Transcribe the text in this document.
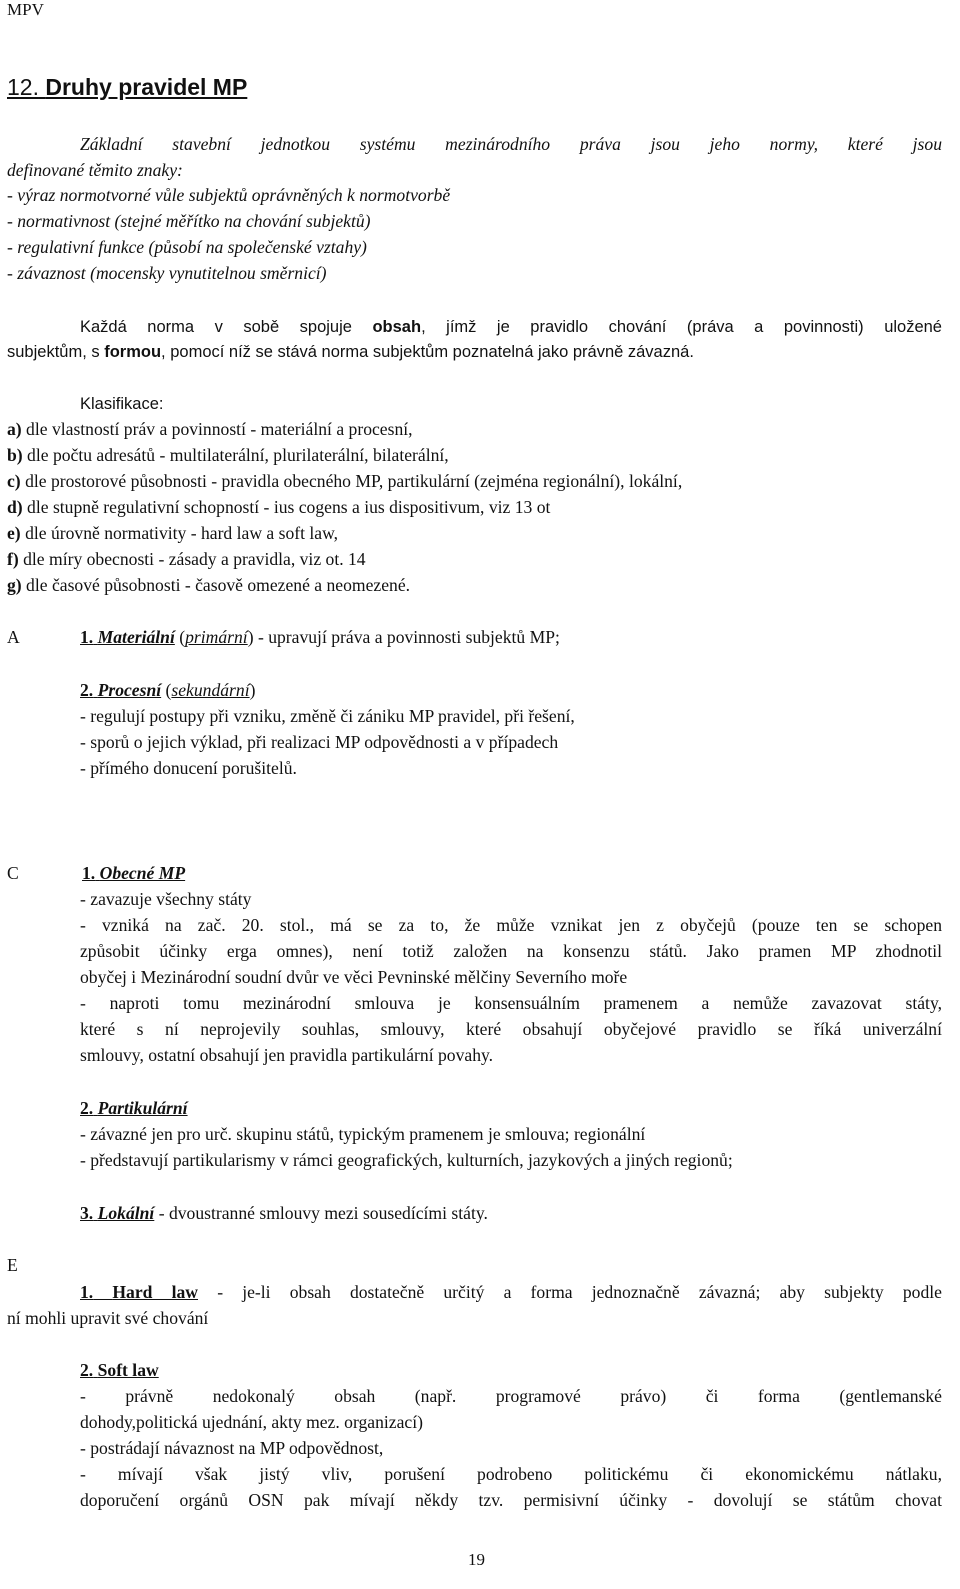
MPV
12. Druhy pravidel MP
Základní stavební jednotkou systému mezinárodního práva jsou jeho normy, které jsou
definované těmito znaky:
- výraz normotvorné vůle subjektů oprávněných k normotvorbě
- normativnost (stejné měřítko na chování subjektů)
- regulativní funkce (působí na společenské vztahy)
- závaznost (mocensky vynutitelnou směrnicí)
Každá norma v sobě spojuje obsah, jímž je pravidlo chování (práva a povinnosti) uložené
subjektům, s formou, pomocí níž se stává norma subjektům poznatelná jako právně závazná.
Klasifikace:
a) dle vlastností práv a povinností - materiální a procesní,
b) dle počtu adresátů - multilaterální, plurilaterální, bilaterální,
c) dle prostorové působnosti - pravidla obecného MP, partikulární (zejména regionální), lokální,
d) dle stupně regulativní schopností - ius cogens a ius dispositivum, viz 13 ot
e) dle úrovně normativity - hard law a soft law,
f) dle míry obecnosti - zásady a pravidla, viz ot. 14
g) dle časové působnosti - časově omezené a neomezené.
A	1. Materiální (primární) - upravují práva a povinnosti subjektů MP;
2. Procesní (sekundární)
- regulují postupy při vzniku, změně či zániku MP pravidel, při řešení,
- sporů o jejich výklad, při realizaci MP odpovědnosti a v případech
- přímého donucení porušitelů.
C	1. Obecné MP
- zavazuje všechny státy
- vzniká na zač. 20. stol., má se za to, že může vznikat jen z obyčejů (pouze ten se schopen
způsobit účinky erga omnes), není totiž založen na konsenzu států. Jako pramen MP zhodnotil
obyčej i Mezinárodní soudní dvůr ve věci Pevninské mělčiny Severního moře
- naproti tomu mezinárodní smlouva je konsensuálním pramenem a nemůže zavazovat státy,
které s ní neprojevily souhlas, smlouvy, které obsahují obyčejové pravidlo se říká univerzální
smlouvy, ostatní obsahují jen pravidla partikulární povahy.
2. Partikulární
- závazné jen pro urč. skupinu států, typickým pramenem je smlouva; regionální
- představují partikularismy v rámci geografických, kulturních, jazykových a jiných regionů;
3. Lokální - dvoustranné smlouvy mezi sousedícími státy.
E
1. Hard law - je-li obsah dostatečně určitý a forma jednoznačně závazná; aby subjekty podle
ní mohli upravit své chování
2. Soft law
- právně nedokonalý obsah (např. programové právo) či forma (gentlemanské
dohody,politická ujednání, akty mez. organizací)
- postrádají návaznost na MP odpovědnost,
- mívají však jistý vliv, porušení podrobeno politickému či ekonomickému nátlaku,
doporučení orgánů OSN pak mívají někdy tzv. permisivní účinky - dovolují se státům chovat
19
